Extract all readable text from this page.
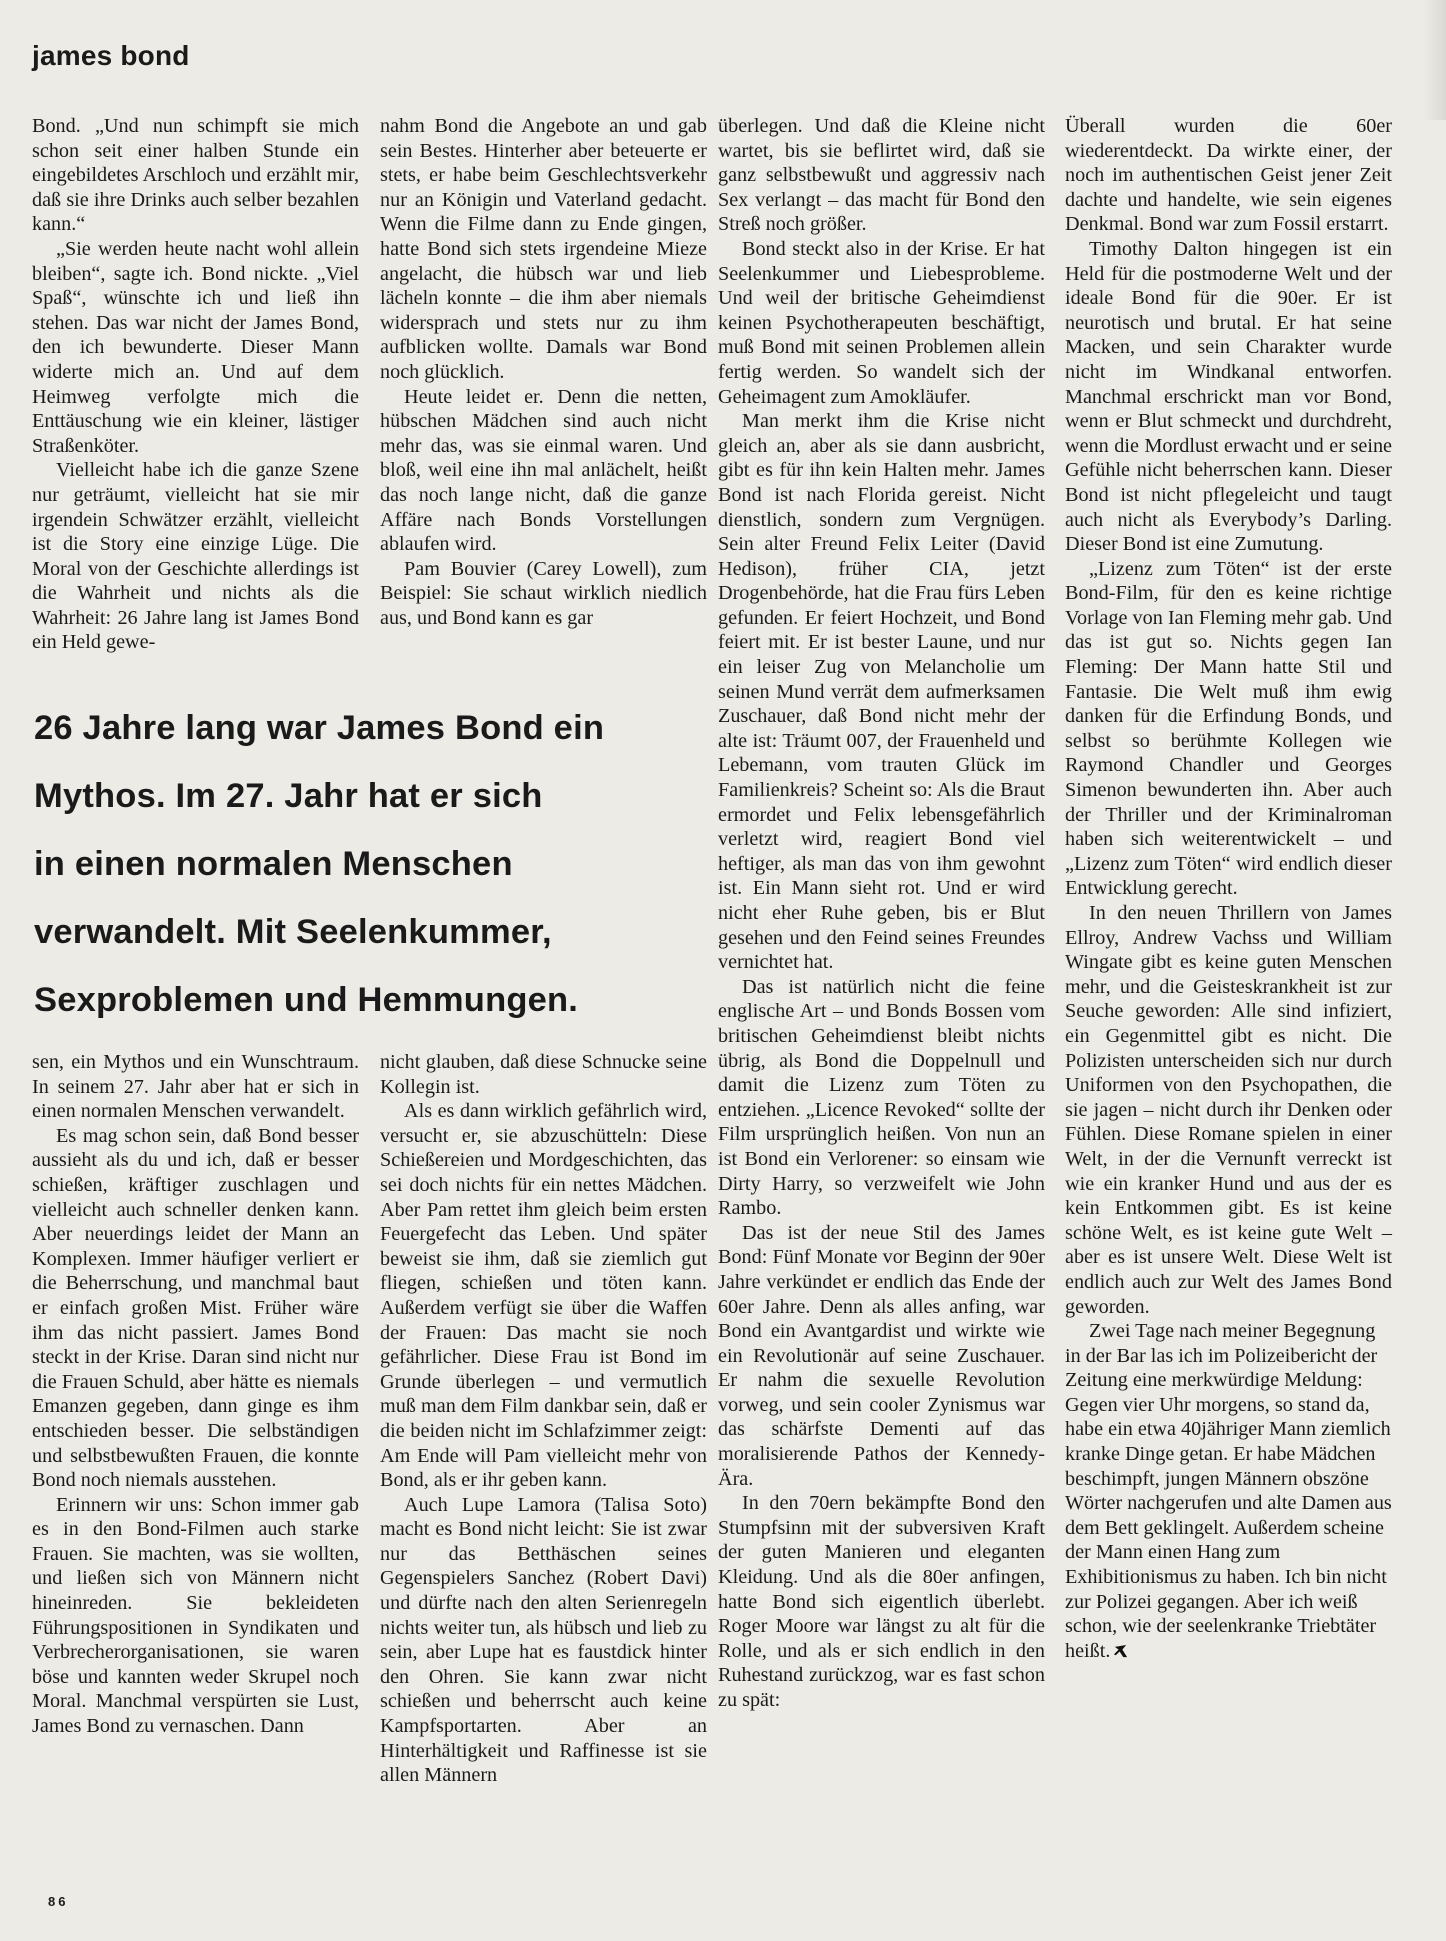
james bond

Bond. „Und nun schimpft sie mich schon seit einer halben Stunde ein eingebildetes Arschloch und erzählt mir, daß sie ihre Drinks auch selber bezahlen kann.“

„Sie werden heute nacht wohl allein bleiben“, sagte ich. Bond nickte. „Viel Spaß“, wünschte ich und ließ ihn stehen. Das war nicht der James Bond, den ich bewunderte. Dieser Mann widerte mich an. Und auf dem Heimweg verfolgte mich die Enttäuschung wie ein kleiner, lästiger Straßenköter.

Vielleicht habe ich die ganze Szene nur geträumt, vielleicht hat sie mir irgendein Schwätzer erzählt, vielleicht ist die Story eine einzige Lüge. Die Moral von der Geschichte allerdings ist die Wahrheit und nichts als die Wahrheit: 26 Jahre lang ist James Bond ein Held gewe-

nahm Bond die Angebote an und gab sein Bestes. Hinterher aber beteuerte er stets, er habe beim Geschlechtsverkehr nur an Königin und Vaterland gedacht. Wenn die Filme dann zu Ende gingen, hatte Bond sich stets irgendeine Mieze angelacht, die hübsch war und lieb lächeln konnte – die ihm aber niemals widersprach und stets nur zu ihm aufblicken wollte. Damals war Bond noch glücklich.

Heute leidet er. Denn die netten, hübschen Mädchen sind auch nicht mehr das, was sie einmal waren. Und bloß, weil eine ihn mal anlächelt, heißt das noch lange nicht, daß die ganze Affäre nach Bonds Vorstellungen ablaufen wird.

Pam Bouvier (Carey Lowell), zum Beispiel: Sie schaut wirklich niedlich aus, und Bond kann es gar

26 Jahre lang war James Bond ein
Mythos. Im 27. Jahr hat er sich
in einen normalen Menschen
verwandelt. Mit Seelenkummer,
Sexproblemen und Hemmungen.

sen, ein Mythos und ein Wunschtraum. In seinem 27. Jahr aber hat er sich in einen normalen Menschen verwandelt.

Es mag schon sein, daß Bond besser aussieht als du und ich, daß er besser schießen, kräftiger zuschlagen und vielleicht auch schneller denken kann. Aber neuerdings leidet der Mann an Komplexen. Immer häufiger verliert er die Beherrschung, und manchmal baut er einfach großen Mist. Früher wäre ihm das nicht passiert. James Bond steckt in der Krise. Daran sind nicht nur die Frauen Schuld, aber hätte es niemals Emanzen gegeben, dann ginge es ihm entschieden besser. Die selbständigen und selbstbewußten Frauen, die konnte Bond noch niemals ausstehen.

Erinnern wir uns: Schon immer gab es in den Bond-Filmen auch starke Frauen. Sie machten, was sie wollten, und ließen sich von Männern nicht hineinreden. Sie bekleideten Führungspositionen in Syndikaten und Verbrecherorganisationen, sie waren böse und kannten weder Skrupel noch Moral. Manchmal verspürten sie Lust, James Bond zu vernaschen. Dann

nicht glauben, daß diese Schnucke seine Kollegin ist.

Als es dann wirklich gefährlich wird, versucht er, sie abzuschütteln: Diese Schießereien und Mordgeschichten, das sei doch nichts für ein nettes Mädchen. Aber Pam rettet ihm gleich beim ersten Feuergefecht das Leben. Und später beweist sie ihm, daß sie ziemlich gut fliegen, schießen und töten kann. Außerdem verfügt sie über die Waffen der Frauen: Das macht sie noch gefährlicher. Diese Frau ist Bond im Grunde überlegen – und vermutlich muß man dem Film dankbar sein, daß er die beiden nicht im Schlafzimmer zeigt: Am Ende will Pam vielleicht mehr von Bond, als er ihr geben kann.

Auch Lupe Lamora (Talisa Soto) macht es Bond nicht leicht: Sie ist zwar nur das Betthäschen seines Gegenspielers Sanchez (Robert Davi) und dürfte nach den alten Serienregeln nichts weiter tun, als hübsch und lieb zu sein, aber Lupe hat es faustdick hinter den Ohren. Sie kann zwar nicht schießen und beherrscht auch keine Kampfsportarten. Aber an Hinterhältigkeit und Raffinesse ist sie allen Männern

überlegen. Und daß die Kleine nicht wartet, bis sie beflirtet wird, daß sie ganz selbstbewußt und aggressiv nach Sex verlangt – das macht für Bond den Streß noch größer.

Bond steckt also in der Krise. Er hat Seelenkummer und Liebesprobleme. Und weil der britische Geheimdienst keinen Psychotherapeuten beschäftigt, muß Bond mit seinen Problemen allein fertig werden. So wandelt sich der Geheimagent zum Amokläufer.

Man merkt ihm die Krise nicht gleich an, aber als sie dann ausbricht, gibt es für ihn kein Halten mehr. James Bond ist nach Florida gereist. Nicht dienstlich, sondern zum Vergnügen. Sein alter Freund Felix Leiter (David Hedison), früher CIA, jetzt Drogenbehörde, hat die Frau fürs Leben gefunden. Er feiert Hochzeit, und Bond feiert mit. Er ist bester Laune, und nur ein leiser Zug von Melancholie um seinen Mund verrät dem aufmerksamen Zuschauer, daß Bond nicht mehr der alte ist: Träumt 007, der Frauenheld und Lebemann, vom trauten Glück im Familienkreis? Scheint so: Als die Braut ermordet und Felix lebensgefährlich verletzt wird, reagiert Bond viel heftiger, als man das von ihm gewohnt ist. Ein Mann sieht rot. Und er wird nicht eher Ruhe geben, bis er Blut gesehen und den Feind seines Freundes vernichtet hat.

Das ist natürlich nicht die feine englische Art – und Bonds Bossen vom britischen Geheimdienst bleibt nichts übrig, als Bond die Doppelnull und damit die Lizenz zum Töten zu entziehen. „Licence Revoked“ sollte der Film ursprünglich heißen. Von nun an ist Bond ein Verlorener: so einsam wie Dirty Harry, so verzweifelt wie John Rambo.

Das ist der neue Stil des James Bond: Fünf Monate vor Beginn der 90er Jahre verkündet er endlich das Ende der 60er Jahre. Denn als alles anfing, war Bond ein Avantgardist und wirkte wie ein Revolutionär auf seine Zuschauer. Er nahm die sexuelle Revolution vorweg, und sein cooler Zynismus war das schärfste Dementi auf das moralisierende Pathos der Kennedy-Ära.

In den 70ern bekämpfte Bond den Stumpfsinn mit der subversiven Kraft der guten Manieren und eleganten Kleidung. Und als die 80er anfingen, hatte Bond sich eigentlich überlebt. Roger Moore war längst zu alt für die Rolle, und als er sich endlich in den Ruhestand zurückzog, war es fast schon zu spät:

Überall wurden die 60er wiederentdeckt. Da wirkte einer, der noch im authentischen Geist jener Zeit dachte und handelte, wie sein eigenes Denkmal. Bond war zum Fossil erstarrt.

Timothy Dalton hingegen ist ein Held für die postmoderne Welt und der ideale Bond für die 90er. Er ist neurotisch und brutal. Er hat seine Macken, und sein Charakter wurde nicht im Windkanal entworfen. Manchmal erschrickt man vor Bond, wenn er Blut schmeckt und durchdreht, wenn die Mordlust erwacht und er seine Gefühle nicht beherrschen kann. Dieser Bond ist nicht pflegeleicht und taugt auch nicht als Everybody’s Darling. Dieser Bond ist eine Zumutung.

„Lizenz zum Töten“ ist der erste Bond-Film, für den es keine richtige Vorlage von Ian Fleming mehr gab. Und das ist gut so. Nichts gegen Ian Fleming: Der Mann hatte Stil und Fantasie. Die Welt muß ihm ewig danken für die Erfindung Bonds, und selbst so berühmte Kollegen wie Raymond Chandler und Georges Simenon bewunderten ihn. Aber auch der Thriller und der Kriminalroman haben sich weiterentwickelt – und „Lizenz zum Töten“ wird endlich dieser Entwicklung gerecht.

In den neuen Thrillern von James Ellroy, Andrew Vachss und William Wingate gibt es keine guten Menschen mehr, und die Geisteskrankheit ist zur Seuche geworden: Alle sind infiziert, ein Gegenmittel gibt es nicht. Die Polizisten unterscheiden sich nur durch Uniformen von den Psychopathen, die sie jagen – nicht durch ihr Denken oder Fühlen. Diese Romane spielen in einer Welt, in der die Vernunft verreckt ist wie ein kranker Hund und aus der es kein Entkommen gibt. Es ist keine schöne Welt, es ist keine gute Welt – aber es ist unsere Welt. Diese Welt ist endlich auch zur Welt des James Bond geworden.

Zwei Tage nach meiner Begegnung in der Bar las ich im Polizeibericht der Zeitung eine merkwürdige Meldung: Gegen vier Uhr morgens, so stand da, habe ein etwa 40jähriger Mann ziemlich kranke Dinge getan. Er habe Mädchen beschimpft, jungen Männern obszöne Wörter nachgerufen und alte Damen aus dem Bett geklingelt. Außerdem scheine der Mann einen Hang zum Exhibitionismus zu haben. Ich bin nicht zur Polizei gegangen. Aber ich weiß schon, wie der seelenkranke Triebtäter heißt.

86
